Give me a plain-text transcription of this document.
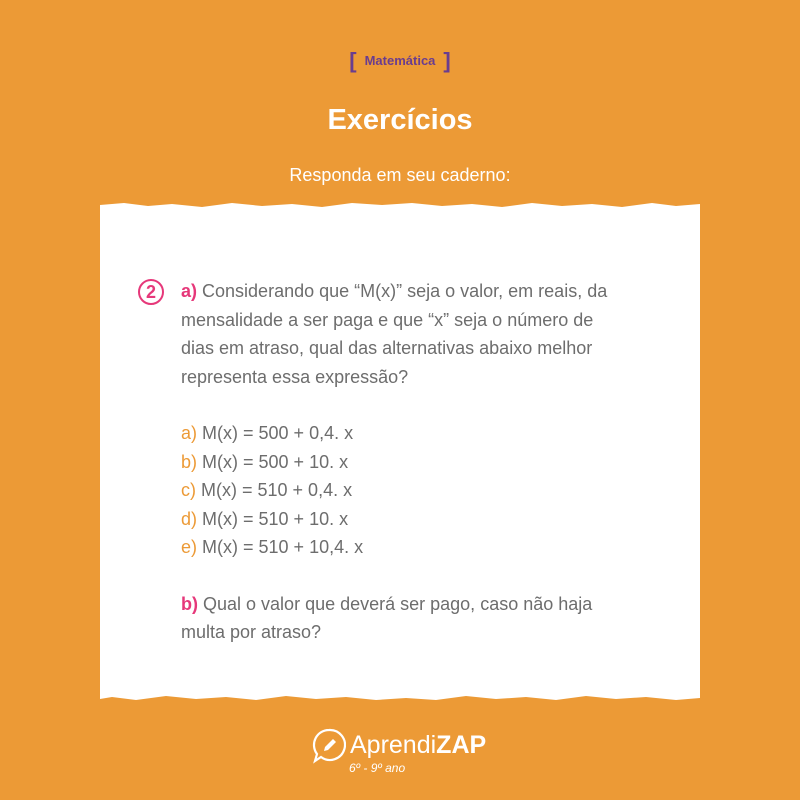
[ Matemática ]
Exercícios
Responda em seu caderno:
2	a) Considerando que “M(x)” seja o valor, em reais, da
mensalidade a ser paga e que “x” seja o número de
dias em atraso, qual das alternativas abaixo melhor
representa essa expressão?
a) M(x) = 500 + 0,4. x
b) M(x) = 500 + 10. x
c) M(x) = 510 + 0,4. x
d) M(x) = 510 + 10. x
e) M(x) = 510 + 10,4. x
b) Qual o valor que deverá ser pago, caso não haja
multa por atraso?
AprendiZAP
6º - 9º ano
